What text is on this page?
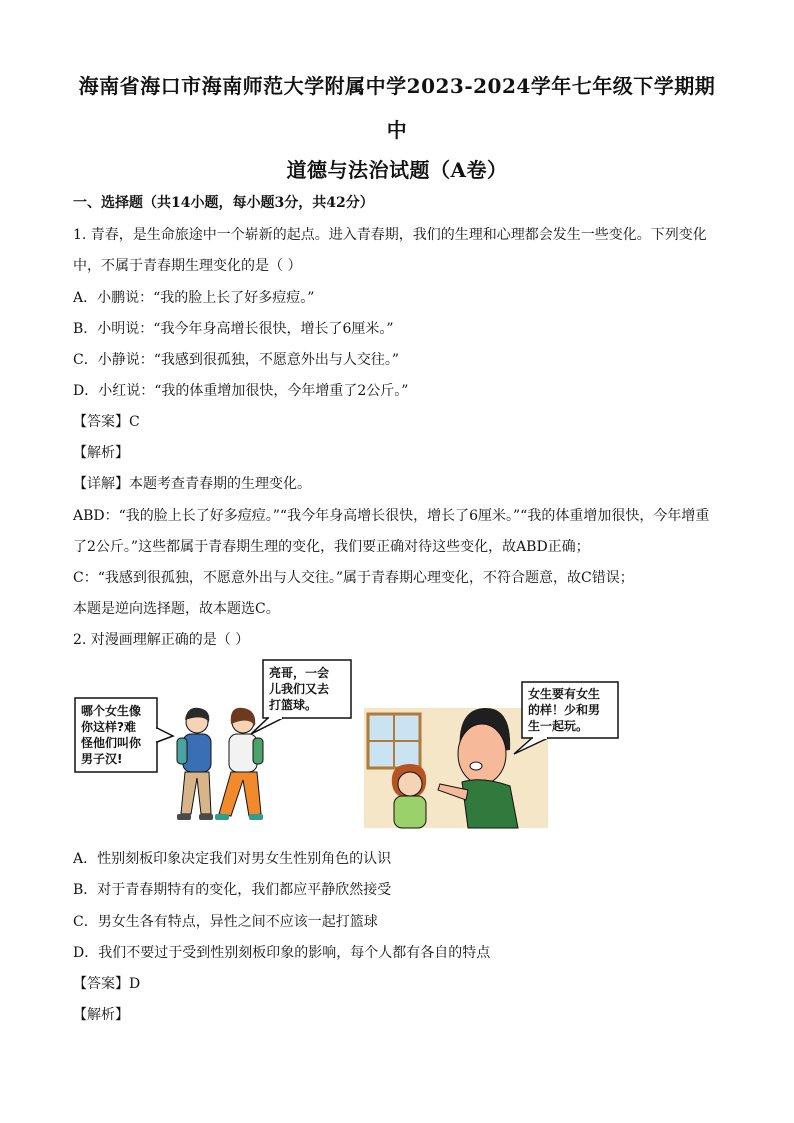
海南省海口市海南师范大学附属中学2023-2024学年七年级下学期期
中
道德与法治试题（A卷）
一、选择题（共14小题，每小题3分，共42分）
1. 青春，是生命旅途中一个崭新的起点。进入青春期，我们的生理和心理都会发生一些变化。下列变化
中，不属于青春期生理变化的是（ ）
A．小鹏说：“我的脸上长了好多痘痘。”
B．小明说：“我今年身高增长很快，增长了6厘米。”
C．小静说：“我感到很孤独，不愿意外出与人交往。”
D．小红说：“我的体重增加很快，今年增重了2公斤。”
【答案】C
【解析】
【详解】本题考查青春期的生理变化。
ABD：“我的脸上长了好多痘痘。”“我今年身高增长很快，增长了6厘米。”“我的体重增加很快，今年增重
了2公斤。”这些都属于青春期生理的变化，我们要正确对待这些变化，故ABD正确；
C：“我感到很孤独，不愿意外出与人交往。”属于青春期心理变化，不符合题意，故C错误；
本题是逆向选择题，故本题选C。
2. 对漫画理解正确的是（ ）
哪个女生像
你这样?难
怪他们叫你
男子汉!
亮哥，一会
儿我们又去
打篮球。
女生要有女生
的样！少和男
生一起玩。
A．性别刻板印象决定我们对男女生性别角色的认识
B．对于青春期特有的变化，我们都应平静欣然接受
C．男女生各有特点，异性之间不应该一起打篮球
D．我们不要过于受到性别刻板印象的影响，每个人都有各自的特点
【答案】D
【解析】
